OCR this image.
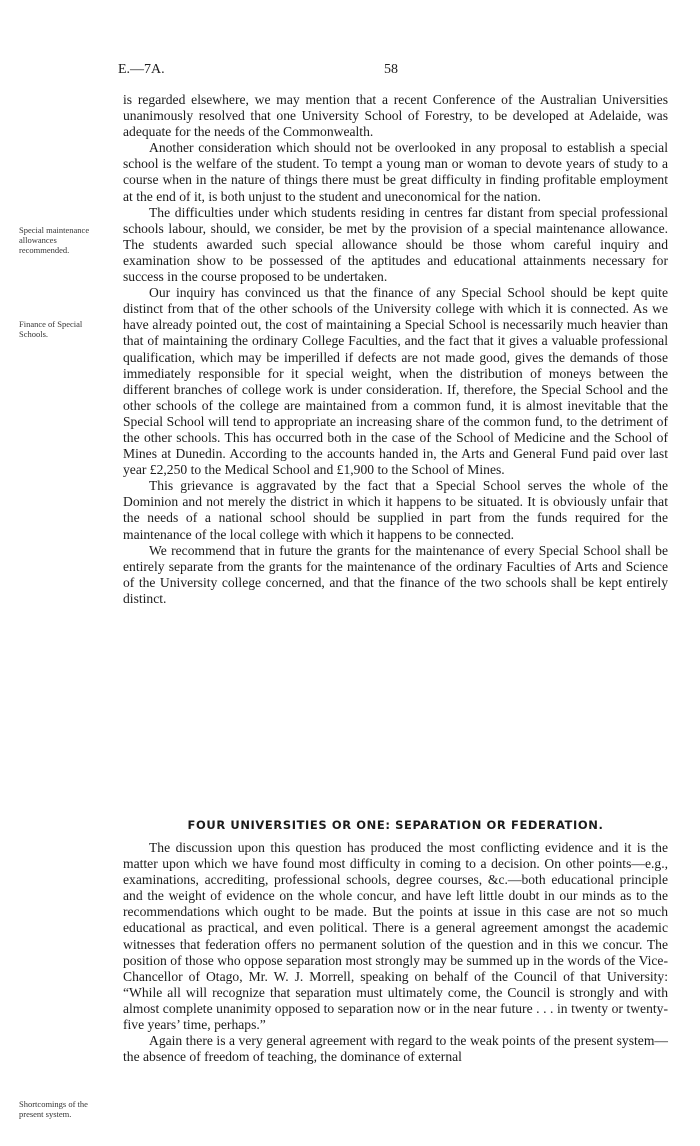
E.—7A.	58
Special maintenance allowances recommended.
Finance of Special Schools.
Shortcomings of the present system.

is regarded elsewhere, we may mention that a recent Conference of the Australian Universities unanimously resolved that one University School of Forestry, to be developed at Adelaide, was adequate for the needs of the Commonwealth.

Another consideration which should not be overlooked in any proposal to establish a special school is the welfare of the student. To tempt a young man or woman to devote years of study to a course when in the nature of things there must be great difficulty in finding profitable employment at the end of it, is both unjust to the student and uneconomical for the nation.

The difficulties under which students residing in centres far distant from special professional schools labour, should, we consider, be met by the provision of a special maintenance allowance. The students awarded such special allowance should be those whom careful inquiry and examination show to be possessed of the aptitudes and educational attainments necessary for success in the course proposed to be undertaken.

Our inquiry has convinced us that the finance of any Special School should be kept quite distinct from that of the other schools of the University college with which it is connected. As we have already pointed out, the cost of maintaining a Special School is necessarily much heavier than that of maintaining the ordinary College Faculties, and the fact that it gives a valuable professional qualification, which may be imperilled if defects are not made good, gives the demands of those immediately responsible for it special weight, when the distribution of moneys between the different branches of college work is under consideration. If, therefore, the Special School and the other schools of the college are maintained from a common fund, it is almost inevitable that the Special School will tend to appropriate an increasing share of the common fund, to the detriment of the other schools. This has occurred both in the case of the School of Medicine and the School of Mines at Dunedin. According to the accounts handed in, the Arts and General Fund paid over last year £2,250 to the Medical School and £1,900 to the School of Mines.

This grievance is aggravated by the fact that a Special School serves the whole of the Dominion and not merely the district in which it happens to be situated. It is obviously unfair that the needs of a national school should be supplied in part from the funds required for the maintenance of the local college with which it happens to be connected.

We recommend that in future the grants for the maintenance of every Special School shall be entirely separate from the grants for the maintenance of the ordinary Faculties of Arts and Science of the University college concerned, and that the finance of the two schools shall be kept entirely distinct.

FOUR UNIVERSITIES OR ONE: SEPARATION OR FEDERATION.

The discussion upon this question has produced the most conflicting evidence and it is the matter upon which we have found most difficulty in coming to a decision. On other points—e.g., examinations, accrediting, professional schools, degree courses, &c.—both educational principle and the weight of evidence on the whole concur, and have left little doubt in our minds as to the recommendations which ought to be made. But the points at issue in this case are not so much educational as practical, and even political. There is a general agreement amongst the academic witnesses that federation offers no permanent solution of the question and in this we concur. The position of those who oppose separation most strongly may be summed up in the words of the Vice-Chancellor of Otago, Mr. W. J. Morrell, speaking on behalf of the Council of that University: “While all will recognize that separation must ultimately come, the Council is strongly and with almost complete unanimity opposed to separation now or in the near future . . . in twenty or twenty-five years’ time, perhaps.”

Again there is a very general agreement with regard to the weak points of the present system—the absence of freedom of teaching, the dominance of external
